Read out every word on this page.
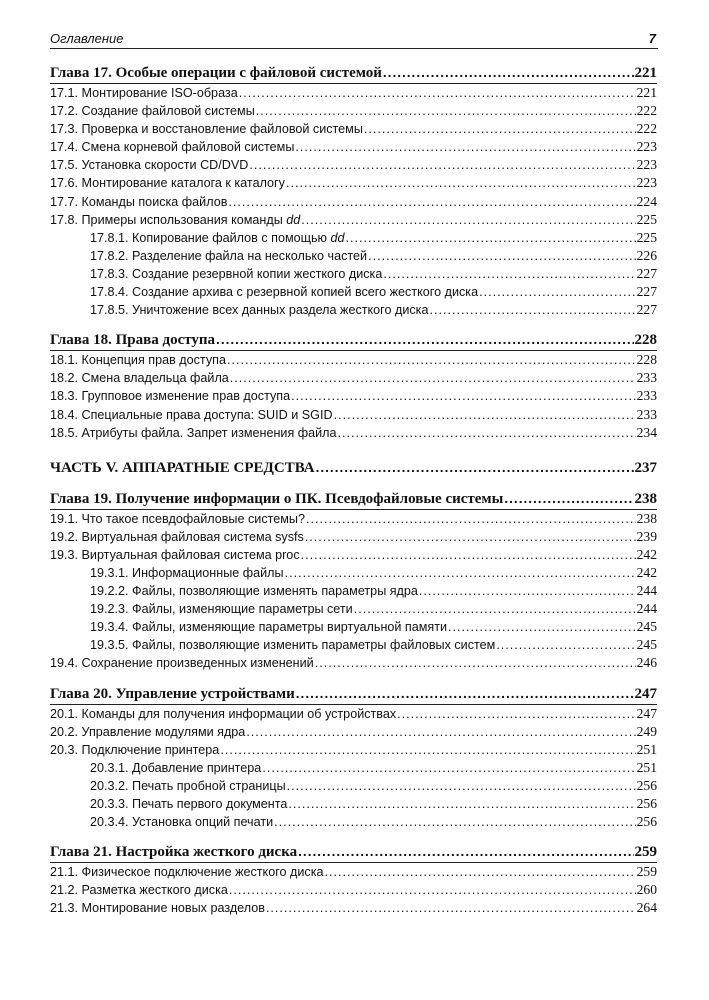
Оглавление	7
Глава 17. Особые операции с файловой системой .....	221
17.1. Монтирование ISO-образа .....	221
17.2. Создание файловой системы .....	222
17.3. Проверка и восстановление файловой системы .....	222
17.4. Смена корневой файловой системы .....	223
17.5. Установка скорости CD/DVD .....	223
17.6. Монтирование каталога к каталогу .....	223
17.7. Команды поиска файлов .....	224
17.8. Примеры использования команды dd .....	225
17.8.1. Копирование файлов с помощью dd .....	225
17.8.2. Разделение файла на несколько частей .....	226
17.8.3. Создание резервной копии жесткого диска .....	227
17.8.4. Создание архива с резервной копией всего жесткого диска .....	227
17.8.5. Уничтожение всех данных раздела жесткого диска .....	227
Глава 18. Права доступа .....	228
18.1. Концепция прав доступа .....	228
18.2. Смена владельца файла .....	233
18.3. Групповое изменение прав доступа .....	233
18.4. Специальные права доступа: SUID и SGID .....	233
18.5. Атрибуты файла. Запрет изменения файла .....	234
ЧАСТЬ V. АППАРАТНЫЕ СРЕДСТВА .....	237
Глава 19. Получение информации о ПК. Псевдофайловые системы .....	238
19.1. Что такое псевдофайловые системы? .....	238
19.2. Виртуальная файловая система sysfs .....	239
19.3. Виртуальная файловая система proc .....	242
19.3.1. Информационные файлы .....	242
19.2.2. Файлы, позволяющие изменять параметры ядра .....	244
19.2.3. Файлы, изменяющие параметры сети .....	244
19.3.4. Файлы, изменяющие параметры виртуальной памяти .....	245
19.3.5. Файлы, позволяющие изменить параметры файловых систем .....	245
19.4. Сохранение произведенных изменений .....	246
Глава 20. Управление устройствами .....	247
20.1. Команды для получения информации об устройствах .....	247
20.2. Управление модулями ядра .....	249
20.3. Подключение принтера .....	251
20.3.1. Добавление принтера .....	251
20.3.2. Печать пробной страницы .....	256
20.3.3. Печать первого документа .....	256
20.3.4. Установка опций печати .....	256
Глава 21. Настройка жесткого диска .....	259
21.1. Физическое подключение жесткого диска .....	259
21.2. Разметка жесткого диска .....	260
21.3. Монтирование новых разделов .....	264
